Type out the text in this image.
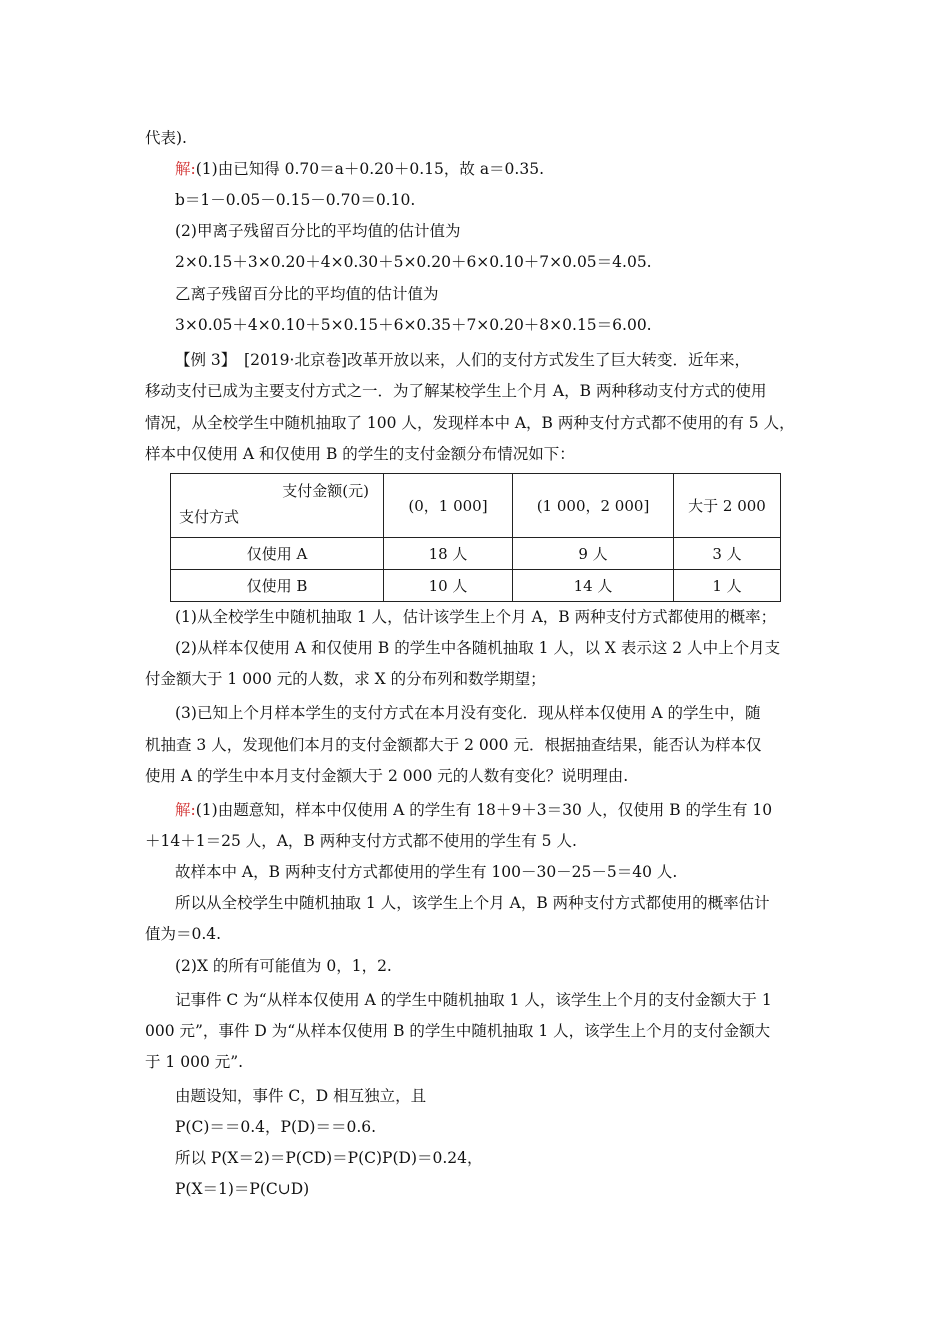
代表).
解:(1)由已知得 0.70＝a＋0.20＋0.15，故 a＝0.35.
b＝1－0.05－0.15－0.70＝0.10.
(2)甲离子残留百分比的平均值的估计值为
2×0.15＋3×0.20＋4×0.30＋5×0.20＋6×0.10＋7×0.05＝4.05.
乙离子残留百分比的平均值的估计值为
3×0.05＋4×0.10＋5×0.15＋6×0.35＋7×0.20＋8×0.15＝6.00.
【例 3】　[2019·北京卷]改革开放以来，人们的支付方式发生了巨大转变．近年来，
移动支付已成为主要支付方式之一．为了解某校学生上个月 A，B 两种移动支付方式的使用
情况，从全校学生中随机抽取了 100 人，发现样本中 A，B 两种支付方式都不使用的有 5 人，
样本中仅使用 A 和仅使用 B 的学生的支付金额分布情况如下：
支付金额(元)
支付方式	(0，1 000]	(1 000，2 000]	大于 2 000
仅使用 A	18 人	9 人	3 人
仅使用 B	10 人	14 人	1 人
(1)从全校学生中随机抽取 1 人，估计该学生上个月 A，B 两种支付方式都使用的概率；
(2)从样本仅使用 A 和仅使用 B 的学生中各随机抽取 1 人，以 X 表示这 2 人中上个月支
付金额大于 1 000 元的人数，求 X 的分布列和数学期望；
(3)已知上个月样本学生的支付方式在本月没有变化．现从样本仅使用 A 的学生中，随
机抽查 3 人，发现他们本月的支付金额都大于 2 000 元．根据抽查结果，能否认为样本仅
使用 A 的学生中本月支付金额大于 2 000 元的人数有变化？说明理由.
解:(1)由题意知，样本中仅使用 A 的学生有 18＋9＋3＝30 人，仅使用 B 的学生有 10
＋14＋1＝25 人，A，B 两种支付方式都不使用的学生有 5 人.
故样本中 A，B 两种支付方式都使用的学生有 100－30－25－5＝40 人.
所以从全校学生中随机抽取 1 人，该学生上个月 A，B 两种支付方式都使用的概率估计
值为＝0.4.
(2)X 的所有可能值为 0，1，2.
记事件 C 为“从样本仅使用 A 的学生中随机抽取 1 人，该学生上个月的支付金额大于 1
000 元”，事件 D 为“从样本仅使用 B 的学生中随机抽取 1 人，该学生上个月的支付金额大
于 1 000 元”.
由题设知，事件 C，D 相互独立，且
P(C)＝＝0.4，P(D)＝＝0.6.
所以 P(X＝2)＝P(CD)＝P(C)P(D)＝0.24，
P(X＝1)＝P(C∪D)
